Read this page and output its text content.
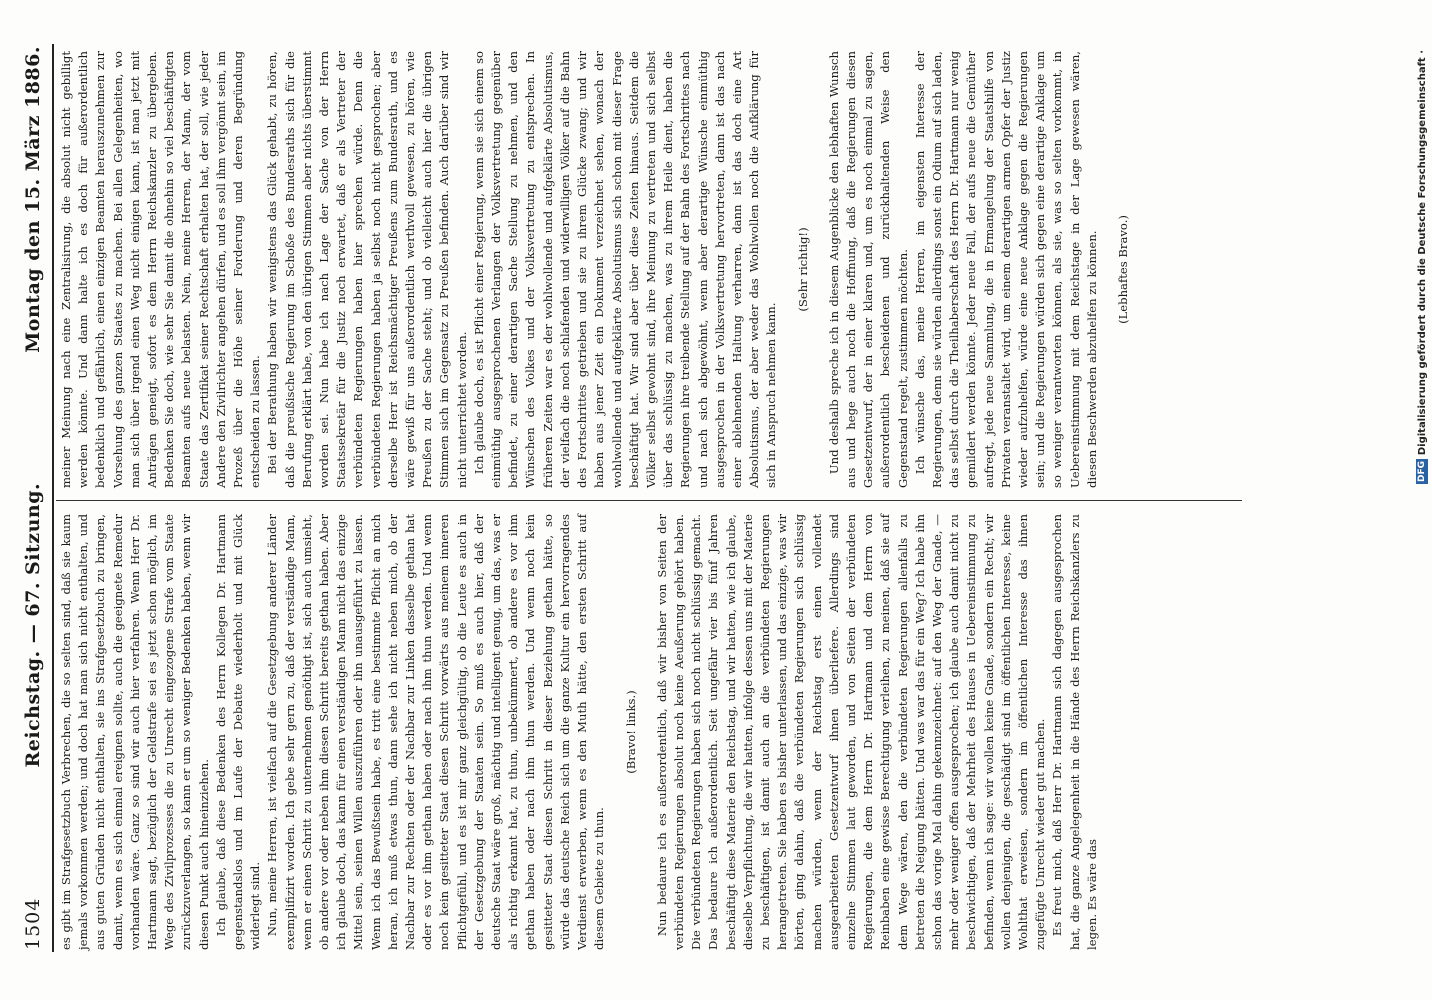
1504
Reichstag. — 67. Sitzung.
Montag den 15. März 1886.

es gibt im Strafgesetzbuch Verbrechen, die so selten sind, daß sie kaum jemals vorkommen werden; und doch hat man sich nicht enthalten, und aus guten Gründen nicht enthalten, sie ins Strafgesetzbuch zu bringen, damit, wenn es sich einmal ereignen sollte, auch die geeignete Remedur vorhanden wäre. Ganz so sind wir auch hier verfahren. Wenn Herr Dr. Hartmann sagt, bezüglich der Geldstrafe sei es jetzt schon möglich, im Wege des Zivilprozesses die zu Unrecht eingezogene Strafe vom Staate zurückzuverlangen, so kann er um so weniger Bedenken haben, wenn wir diesen Punkt auch hineinziehen. Ich glaube, daß diese Bedenken des Herrn Kollegen Dr. Hartmann gegenstandslos und im Laufe der Debatte wiederholt und mit Glück widerlegt sind. Nun, meine Herren, ist vielfach auf die Gesetzgebung anderer Länder exemplifizirt worden. Ich gebe sehr gern zu, daß der verständige Mann, wenn er einen Schritt zu unternehmen genöthigt ist, sich auch umsieht, ob andere vor oder neben ihm diesen Schritt bereits gethan haben. Aber ich glaube doch, das kann für einen verständigen Mann nicht das einzige Mittel sein, seinen Willen auszuführen oder ihn unausgeführt zu lassen. Wenn ich das Bewußtsein habe, es tritt eine bestimmte Pflicht an mich heran, ich muß etwas thun, dann sehe ich nicht neben mich, ob der Nachbar zur Rechten oder der Nachbar zur Linken dasselbe gethan hat oder es vor ihm gethan haben oder nach ihm thun werden. Und wenn noch kein gesitteter Staat diesen Schritt vorwärts aus meinem inneren Pflichtgefühl, und es ist mir ganz gleichgültig, ob die Leute es auch in der Gesetzgebung der Staaten sein. So muß es auch hier, daß der deutsche Staat wäre groß, mächtig und intelligent genug, um das, was er als richtig erkannt hat, zu thun, unbekümmert, ob andere es vor ihm gethan haben oder nach ihm thun werden. Und wenn noch kein gesitteter Staat diesen Schritt in dieser Beziehung gethan hätte, so würde das deutsche Reich sich um die ganze Kultur ein hervorragendes Verdienst erwerben, wenn es den Muth hätte, den ersten Schritt auf diesem Gebiete zu thun.

(Bravo! links.) Nun bedaure ich es außerordentlich, daß wir bisher von Seiten der verbündeten Regierungen absolut noch keine Aeußerung gehört haben. Die verbündeten Regierungen haben sich noch nicht schlüssig gemacht. Das bedaure ich außerordentlich. Seit ungefähr vier bis fünf Jahren beschäftigt diese Materie den Reichstag, und wir hatten, wie ich glaube, dieselbe Verpflichtung, die wir hatten, infolge dessen uns mit der Materie zu beschäftigen, ist damit auch an die verbündeten Regierungen herangetreten. Sie haben es bisher unterlassen, und das einzige, was wir hörten, ging dahin, daß die verbündeten Regierungen sich schlüssig machen würden, wenn der Reichstag erst einen vollendet ausgearbeiteten Gesetzentwurf ihnen überliefere. Allerdings sind einzelne Stimmen laut geworden, und von Seiten der verbündeten Regierungen, die dem Herrn Dr. Hartmann und dem Herrn von Reinbaben eine gewisse Berechtigung verleihen, zu meinen, daß sie auf dem Wege wären, den die verbündeten Regierungen allenfalls zu betreten die Neigung hätten. Und was war das für ein Weg? Ich habe ihn schon das vorige Mal dahin gekennzeichnet: auf den Weg der Gnade, — mehr oder weniger offen ausgesprochen; ich glaube auch damit nicht zu beschwichtigen, daß der Mehrheit des Hauses in Uebereinstimmung zu befinden, wenn ich sage: wir wollen keine Gnade, sondern ein Recht; wir wollen denjenigen, die geschädigt sind im öffentlichen Interesse, keine Wohlthat erweisen, sondern im öffentlichen Interesse das ihnen zugefügte Unrecht wieder gut machen. Es freut mich, daß Herr Dr. Hartmann sich dagegen ausgesprochen hat, die ganze Angelegenheit in die Hände des Herrn Reichskanzlers zu legen. Es wäre das

meiner Meinung nach eine Zentralisirung, die absolut nicht gebilligt werden könnte. Und dann halte ich es doch für außerordentlich bedenklich und gefährlich, einen einzigen Beamten herauszunehmen zur Vorsehung des ganzen Staates zu machen. Bei allen Gelegenheiten, wo man sich über irgend einen Weg nicht einigen kann, ist man jetzt mit Anträgen geneigt, sofort es dem Herrn Reichskanzler zu übergeben. Bedenken Sie doch, wie sehr Sie damit die ohnehin so viel beschäftigten Beamten aufs neue belasten. Nein, meine Herren, der Mann, der vom Staate das Zertifikat seiner Rechtschaft erhalten hat, der soll, wie jeder Andere den Zivilrichter angehen dürfen, und es soll ihm vergönnt sein, im Prozeß über die Höhe seiner Forderung und deren Begründung entscheiden zu lassen. Bei der Berathung haben wir wenigstens das Glück gehabt, zu hören, daß die preußische Regierung im Schoße des Bundesraths sich für die Berufung erklärt habe, von den übrigen Stimmen aber nichts überstimmt worden sei. Nun habe ich nach Lage der Sache von der Herrn Staatssekretär für die Justiz noch erwartet, daß er als Vertreter der verbündeten Regierungen haben hier sprechen würde. Denn die verbündeten Regierungen haben ja selbst noch nicht gesprochen; aber derselbe Herr ist Reichsmächtiger Preußens zum Bundesrath, und es wäre gewiß für uns außerordentlich werthvoll gewesen, zu hören, wie Preußen zu der Sache steht; und ob vielleicht auch hier die übrigen Stimmen sich im Gegensatz zu Preußen befinden. Auch darüber sind wir nicht unterrichtet worden. Ich glaube doch, es ist Pflicht einer Regierung, wenn sie sich einem so einmüthig ausgesprochenen Verlangen der Volksvertretung gegenüber befindet, zu einer derartigen Sache Stellung zu nehmen, und den Wünschen des Volkes und der Volksvertretung zu entsprechen. In früheren Zeiten war es der wohlwollende und aufgeklärte Absolutismus, der vielfach die noch schlafenden und widerwilligen Völker auf die Bahn des Fortschrittes getrieben und sie zu ihrem Glücke zwang; und wir haben aus jener Zeit ein Dokument verzeichnet sehen, wonach der wohlwollende und aufgeklärte Absolutismus sich schon mit dieser Frage beschäftigt hat. Wir sind aber über diese Zeiten hinaus. Seitdem die Völker selbst gewohnt sind, ihre Meinung zu vertreten und sich selbst über das schlüssig zu machen, was zu ihrem Heile dient, haben die Regierungen ihre treibende Stellung auf der Bahn des Fortschrittes nach und nach sich abgewöhnt, wenn aber derartige Wünsche einmüthig ausgesprochen in der Volksvertretung hervortreten, dann ist das nach einer ablehnenden Haltung verharren, dann ist das doch eine Art Absolutismus, der aber weder das Wohlwollen noch die Aufklärung für sich in Anspruch nehmen kann.

(Sehr richtig!) Und deshalb spreche ich in diesem Augenblicke den lebhaften Wunsch aus und hege auch noch die Hoffnung, daß die Regierungen diesen Gesetzentwurf, der in einer klaren und, um es noch einmal zu sagen, außerordentlich bescheidenen und zurückhaltenden Weise den Gegenstand regelt, zustimmen möchten. Ich wünsche das, meine Herren, im eigensten Interesse der Regierungen, denn sie würden allerdings sonst ein Odium auf sich laden, das selbst durch die Theilhaberschaft des Herrn Dr. Hartmann nur wenig gemildert werden könnte. Jeder neue Fall, der aufs neue die Gemüther aufregt, jede neue Sammlung, die in Ermangelung der Staatshilfe von Privaten veranstaltet wird, um einem derartigen armen Opfer der Justiz wieder aufzuhelfen, würde eine neue Anklage gegen die Regierungen sein; und die Regierungen würden sich gegen eine derartige Anklage um so weniger verantworten können, als sie, was so selten vorkommt, in Uebereinstimmung mit dem Reichstage in der Lage gewesen wären, diesen Beschwerden abzuhelfen zu können. (Lebhaftes Bravo.)	Digitalisierung gefördert durch die Deutsche Forschungsgemeinschaft ·
DFG
